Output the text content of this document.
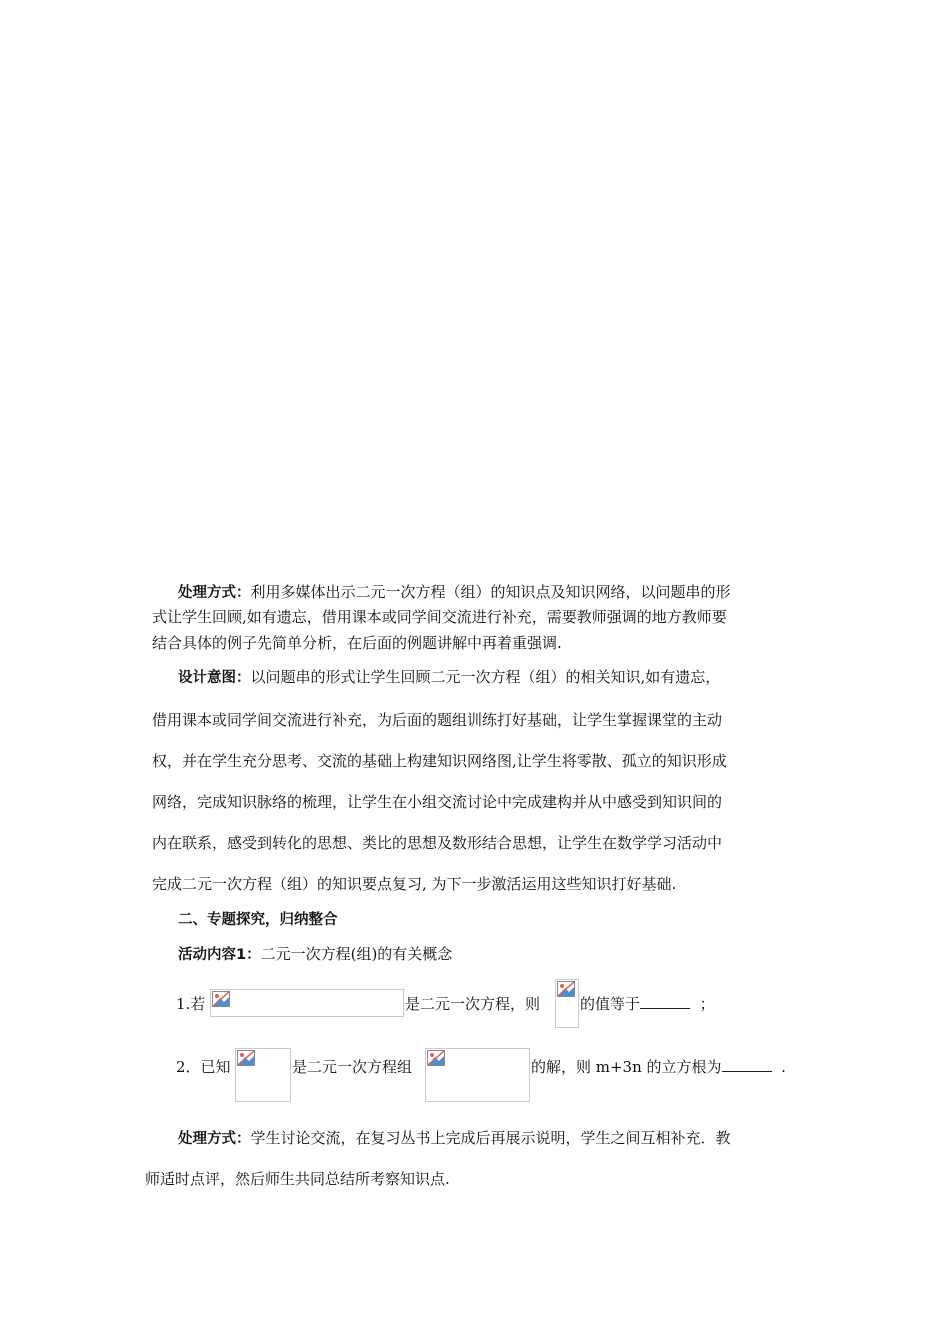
处理方式：利用多媒体出示二元一次方程（组）的知识点及知识网络，以问题串的形
式让学生回顾,如有遗忘，借用课本或同学间交流进行补充，需要教师强调的地方教师要
结合具体的例子先简单分析，在后面的例题讲解中再着重强调.
设计意图：以问题串的形式让学生回顾二元一次方程（组）的相关知识,如有遗忘，
借用课本或同学间交流进行补充，为后面的题组训练打好基础，让学生掌握课堂的主动
权，并在学生充分思考、交流的基础上构建知识网络图,让学生将零散、孤立的知识形成
网络，完成知识脉络的梳理，让学生在小组交流讨论中完成建构并从中感受到知识间的
内在联系，感受到转化的思想、类比的思想及数形结合思想，让学生在数学学习活动中
完成二元一次方程（组）的知识要点复习, 为下一步激活运用这些知识打好基础.
二、专题探究，归纳整合
活动内容1：二元一次方程(组)的有关概念
1.若	是二元一次方程，则	的值等于	；
2．已知	是二元一次方程组	的解，则 m+3n 的立方根为	.
处理方式：学生讨论交流，在复习丛书上完成后再展示说明，学生之间互相补充．教
师适时点评，然后师生共同总结所考察知识点.
